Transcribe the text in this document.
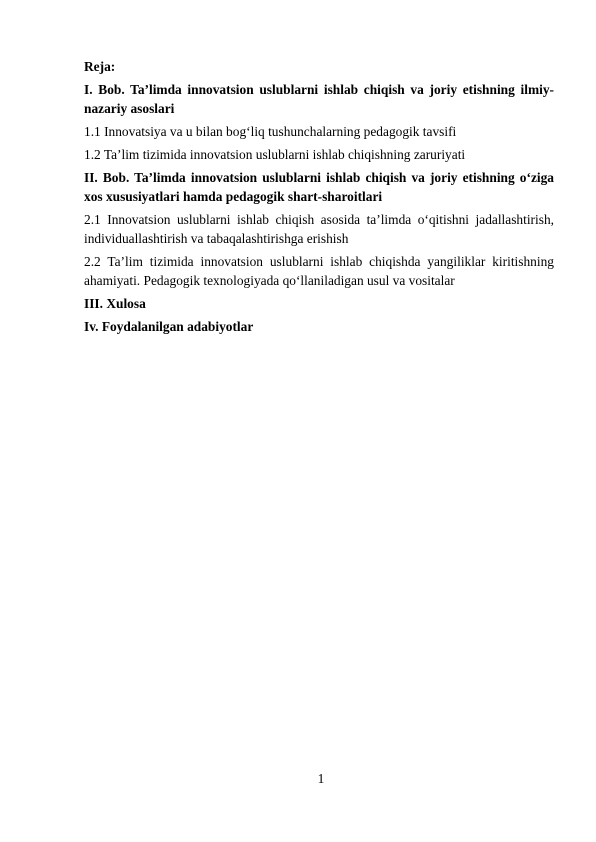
Reja:

I. Bob. Ta’limda innovatsion uslublarni ishlab chiqish va joriy etishning ilmiy-nazariy asoslari

1.1 Innovatsiya va u bilan bog‘liq tushunchalarning pedagogik tavsifi

1.2 Ta’lim tizimida innovatsion uslublarni ishlab chiqishning zaruriyati

II. Bob. Ta’limda innovatsion uslublarni ishlab chiqish va joriy etishning o‘ziga xos xususiyatlari hamda pedagogik shart-sharoitlari

2.1 Innovatsion uslublarni ishlab chiqish asosida ta’limda o‘qitishni jadallashtirish, individuallashtirish va tabaqalashtirishga erishish

2.2 Ta’lim tizimida innovatsion uslublarni ishlab chiqishda yangiliklar kiritishning ahamiyati. Pedagogik texnologiyada qo‘llaniladigan usul va vositalar

III. Xulosa

Iv. Foydalanilgan adabiyotlar

1
